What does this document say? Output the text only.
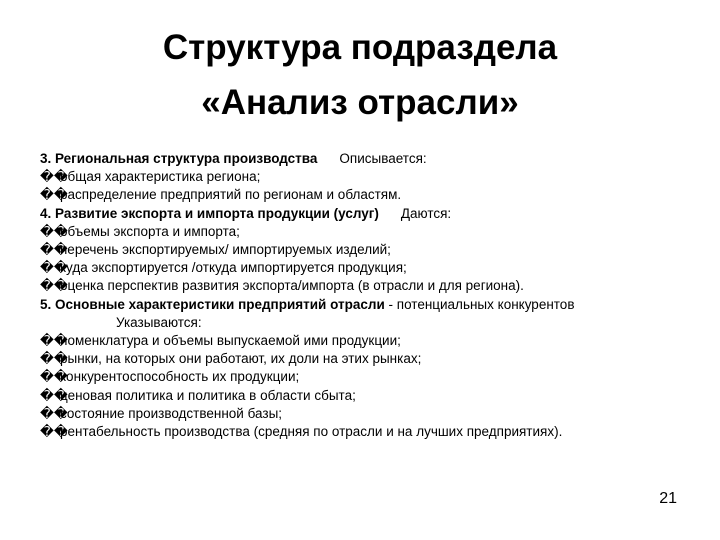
Структура подраздела
«Анализ отрасли»
3. Региональная структура производства Описывается:
��общая характеристика региона;
��распределение предприятий по регионам и областям.
4. Развитие экспорта и импорта продукции (услуг) Даются:
��объемы экспорта и импорта;
��перечень экспортируемых/ импортируемых изделий;
��куда экспортируется /откуда импортируется продукция;
��оценка перспектив развития экспорта/импорта (в отрасли и для региона).
5. Основные характеристики предприятий отрасли - потенциальных конкурентов
Указываются:
��номенклатура и объемы выпускаемой ими продукции;
��рынки, на которых они работают, их доли на этих рынках;
��конкурентоспособность их продукции;
��ценовая политика и политика в области сбыта;
��состояние производственной базы;
��рентабельность производства (средняя по отрасли и на лучших предприятиях).
21
